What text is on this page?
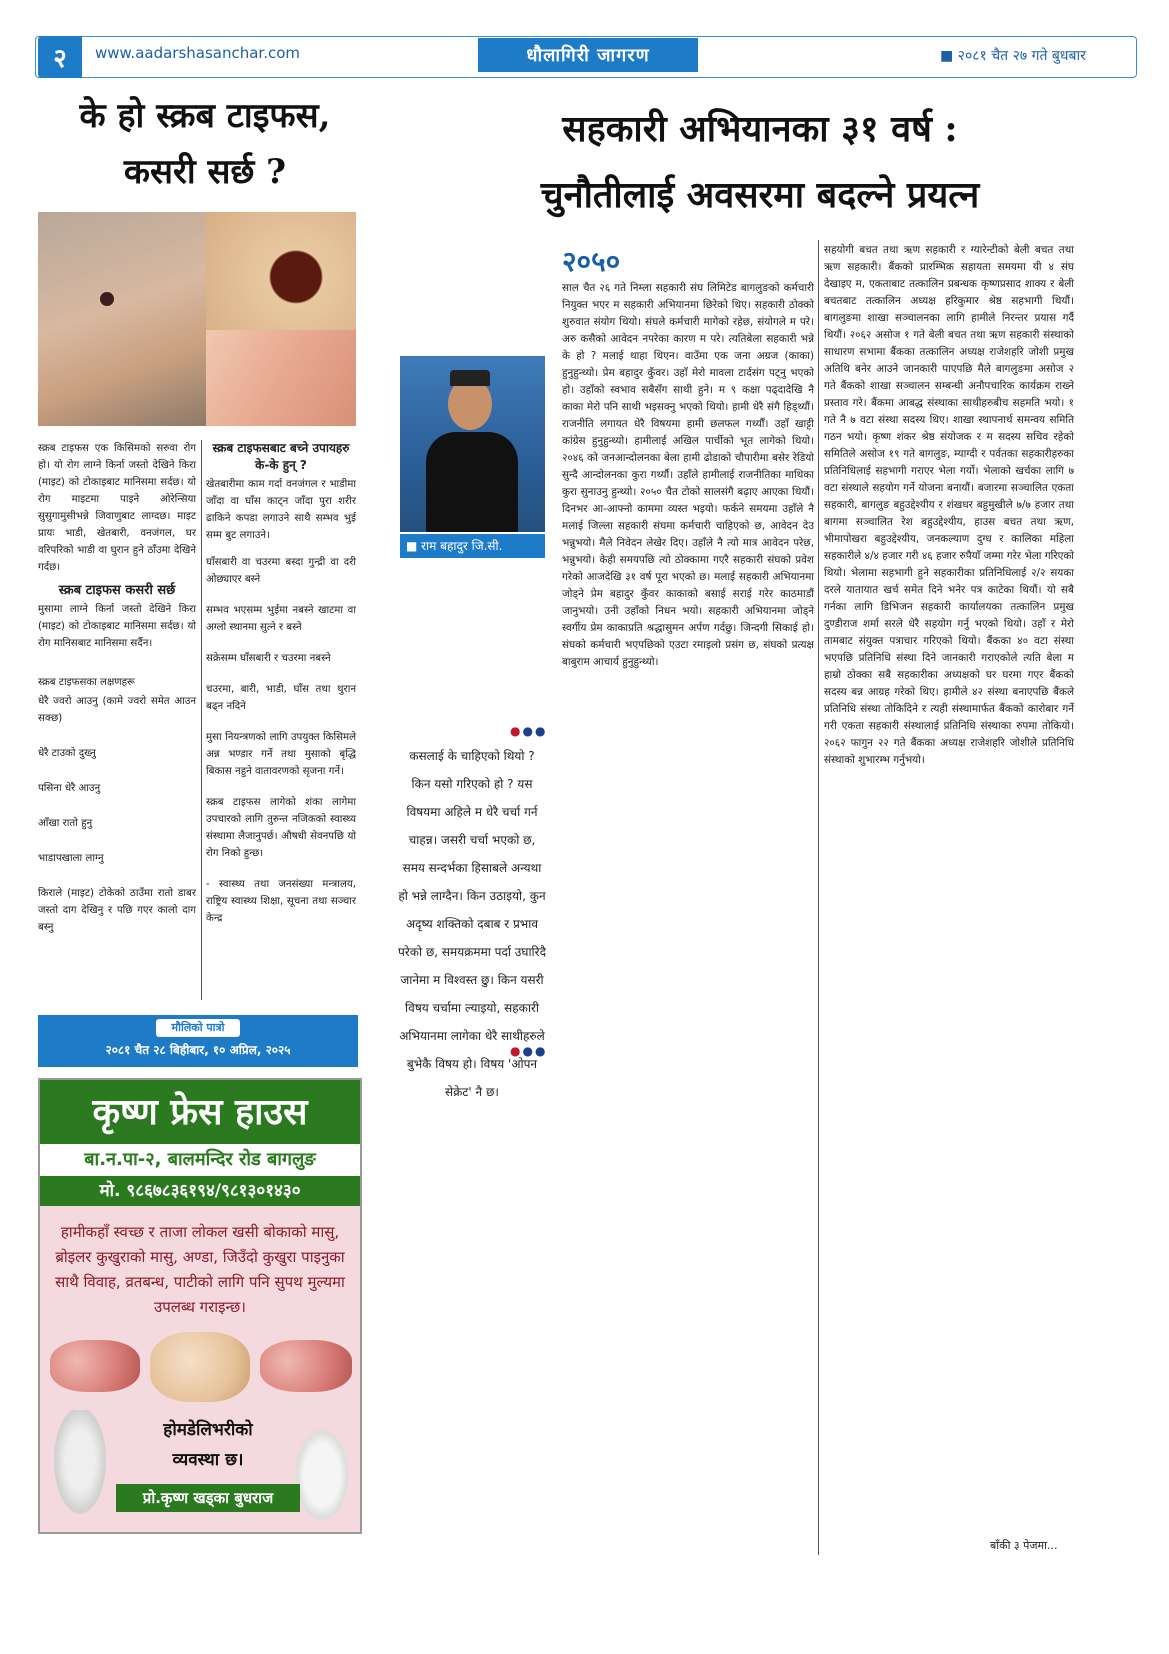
२	www.aadarshasanchar.com	धौलागिरी जागरण	■ २०८१ चैत २७ गते बुधबार
के हो स्क्रब टाइफस,
कसरी सर्छ ?

स्क्रब टाइफस एक किसिमको सरुवा रोग हो। यो रोग लाग्ने किर्ना जस्तो देखिने किरा (माइट) को टोकाइबाट मानिसमा सर्दछ। यो रोग माइटमा पाइने ओरेन्सिया सुसुगामुसीभन्ने जिवाणुबाट लाग्दछ। माइट प्रायः भाडी, खेतबारी, वनजंगल, घर वरिपरिको भाडी वा घुरान हुने ठाँउमा देखिने गर्दछ।

स्क्रब टाइफस कसरी सर्छ

मुसामा लाग्ने किर्ना जस्तो देखिने किरा (माइट) को टोकाइबाट मानिसमा सर्दछ। यो रोग मानिसबाट मानिसमा सर्दैन।

स्क्रब टाइफसका लक्षणहरू

धेरै ज्वरो आउनु (कामे ज्वरो समेत आउन सक्छ)

धेरै टाउको दुख्नु

पसिना धेरै आउनु

आँखा रातो हुनु

भाडापखाला लाग्नु

किराले (माइट) टोकेको ठाउँमा रातो डाबर जस्तो दाग देखिनु र पछि गएर कालो दाग बस्नु

स्क्रब टाइफसबाट बच्ने उपायहरु के-के हुन् ?

खेतबारीमा काम गर्दा वनजंगल र भाडीमा जाँदा वा घाँस काट्न जाँदा पुरा शरीर ढाकिने कपडा लगाउने साथै सम्भव भुई सम्म बुट लगाउने।

घाँसबारी वा चउरमा बस्दा गुन्द्री वा दरी ओछ्याएर बस्ने

सम्भव भएसम्म भुईमा नबस्ने खाटमा वा अग्लो स्थानमा सुत्ने र बस्ने

सक्रेसम्म घाँसबारी र चउरमा नबस्ने

चउरमा, बारी, भाडी, घाँस तथा थुरान बढ्न नदिने

मुसा नियन्त्रणको लागि उपयुक्त किसिमले अन्न भण्डार गर्ने तथा मुसाको बृद्धि बिकास नहुने वातावरणको सृजना गर्ने।

स्क्रब टाइफस लागेको शंका लागेमा उपचारको लागि तुरुन्त नजिकको स्वास्थ्य संस्थामा लैजानुपर्छ। औषधी सेवनपछि यो रोग निको हुन्छ।

- स्वास्थ्य तथा जनसंख्या मन्त्रालय, राष्ट्रिय स्वास्थ्य शिक्षा, सूचना तथा सञ्चार केन्द्र

मौलिको पात्रो
२०८१ चैत २८ बिहीबार, १० अप्रिल, २०२५
कृष्ण फ्रेस हाउस
बा.न.पा-२, बालमन्दिर रोड बागलुङ
मो. ९८६७८३६१९४/९८१३०१४३०
हामीकहाँ स्वच्छ र ताजा लोकल खसी बोकाको मासु, ब्रोइलर कुखुराको मासु, अण्डा, जिउँदो कुखुरा पाइनुका साथै विवाह, व्रतबन्ध, पाटीको लागि पनि सुपथ मुल्यमा उपलब्ध गराइन्छ।
होमडेलिभरीको
व्यवस्था छ।
प्रो.कृष्ण खड्का बुधराज
सहकारी अभियानका ३१ वर्ष :
चुनौतीलाई अवसरमा बदल्ने प्रयत्न
■ राम बहादुर जि.सी.
●●●
कसलाई के चाहिएको थियो ? किन यसो गरिएको हो ? यस विषयमा अहिले म धेरै चर्चा गर्न चाहन्न। जसरी चर्चा भएको छ, समय सन्दर्भका हिसाबले अन्यथा हो भन्ने लाग्दैन। किन उठाइयो, कुन अदृष्य शक्तिको दबाब र प्रभाव परेको छ, समयक्रममा पर्दा उघारिदै जानेमा म विश्वस्त छु। किन यसरी विषय चर्चामा ल्याइयो, सहकारी अभियानमा लागेका धेरै साथीहरुले बुभेकै विषय हो। विषय 'ओपन सेक्रेट' नै छ।
●●●
२०५०

साल चैत २६ गते निम्ला सहकारी संघ लिमिटेड बागलुङको कर्मचारी नियुक्त भएर म सहकारी अभियानमा छिरेको थिए। सहकारी ठोक्को शुरुवात संयोग थियो। संघले कर्मचारी मागेको रहेछ, संयोगले म परे। अरु कसैको आवेदन नपरेका कारण म परे। त्यतिबेला सहकारी भन्ने के हो ? मलाई थाहा थिएन। वाउँमा एक जना अग्रज (काका) हुनुहुन्थ्यो। प्रेम बहादुर कुँवर। उहाँ मेरो मावला टार्दसंग पट्नु भएको हो। उहाँको स्वभाव सबैसँग साथी हुने। म ९ कक्षा पढ्दादेखि नै काका मेरो पनि साथी भइसक्नु भएको थियो। हामी धेरै संगै हिड्थ्यौं। राजनीति लगायत धेरै विषयमा हामी छलफल गर्थ्यौं। उहाँ खाट्टी कांग्रेस हुनुहुन्थ्यो। हामीलाई अखिल पार्चीको भूत लागेको थियो। २०४६ को जनआन्दोलनका बेला हामी ढोडाको चौपारीमा बसेर रेडियो सुन्दै आन्दोलनका कुरा गर्थ्यौ। उहाँले हामीलाई राजनीतिका माथिका कुरा सुनाउनु हुन्थ्यो। २०५० चैत टोको सालसंगै बढ़ाए आएका थियौं। दिनभर आ-आफ्नो काममा व्यस्त भइयो। फर्कने समयमा उहाँले नै मलाई जिल्ला सहकारी संघमा कर्मचारी चाहिएको छ, आवेदन देउ भन्नुभयो। मैले निवेदन लेखेर दिए। उहाँले नै त्यो मात्र आवेदन परेछ, भन्नुभयो। केही समयपछि त्यो ठोक्कामा गएरै सहकारी संघको प्रवेश गरेको आजदेखि ३१ वर्ष पूरा भएको छ। मलाई सहकारी अभियानमा जोड्ने प्रेम बहादुर कुँवर काकाको बसाई सराई गरेर काठमाडौं जानुभयो। उनी उहाँको निधन भयो। सहकारी अभियानमा जोड्ने स्वर्गीय प्रेम काकाप्रति श्रद्धासुमन अर्पण गर्दछु। जिन्दगी सिकाई हो। संघको कर्मचारी भएपछिको एउटा रमाइलो प्रसंग छ, संघको प्रत्यक्ष बाबुराम आचार्य हुनुहुन्थ्यो।

सहयोगी बचत तथा ऋण सहकारी र ग्यारेन्टीको बेली बचत तथा ऋण सहकारी। बैंकको प्रारम्भिक सहायता समयमा यी ४ संघ देखाइए म, एकताबाट तत्कालिन प्रबन्धक कृष्णप्रसाद शाक्य र बेली बचतबाट तत्कालिन अध्यक्ष हरिकुमार श्रेष्ठ सहभागी थियौं। बागलुङमा शाखा सञ्चालनका लागि हामीले निरन्तर प्रयास गर्दै थियौं। २०६२ असोज १ गते बेली बचत तथा ऋण सहकारी संस्थाको साधारण सभामा बैंकका तत्कालिन अध्यक्ष राजेशहरि जोशी प्रमुख अतिथि बनेर आउने जानकारी पाएपछि मैले बागलुङमा असोज २ गते बैंकको शाखा सञ्चालन सम्बन्धी अनौपचारिक कार्यक्रम राख्ने प्रस्ताव गरे। बैंकमा आबद्ध संस्थाका साथीहरुबीच सहमति भयो। १ गते नै ७ वटा संस्था सदस्य थिए। शाखा स्थापनार्थ समन्वय समिति गठन भयो। कृष्ण शंकर श्रेष्ठ संयोजक र म सदस्य सचिव रहेको समितिले असोज १९ गते बागलुङ, म्याग्दी र पर्वतका सहकारीहरुका प्रतिनिधिलाई सहभागी गराएर भेला गर्यो। भेलाको खर्चका लागि ७ वटा संस्थाले सहयोग गर्ने योजना बनायौं। बजारमा सञ्चालित एकता सहकारी, बागलुङ बहुउद्देश्यीय र शंखधर बहुमुखीले ७/७ हजार तथा बागमा सञ्चालित रेश बहुउद्देश्यीय, हाउस बचत तथा ऋण, भीमापोखरा बहुउद्देश्यीय, जनकल्याण दुग्ध र कालिका महिला सहकारीले ४/४ हजार गरी ४६ हजार रुपैयाँ जम्मा गरेर भेला गरिएको थियो। भेलामा सहभागी हुने सहकारीका प्रतिनिधिलाई २/२ सयका दरले यातायात खर्च समेत दिने भनेर पत्र काटेका थियौं। यो सबै गर्नका लागि डिभिजन सहकारी कार्यालयका तत्कालिन प्रमुख दुण्डीराज शर्मा सरले धेरै सहयोग गर्नु भएको थियो। उहाँ र मेरो तामबाट संयुक्त पत्राचार गरिएको थियो। बैंकका ४० वटा संस्था भएपछि प्रतिनिधि संस्था दिने जानकारी गराएकोले त्यति बेला म हाम्रो ठोक्का सबै सहकारीका अध्यक्षको घर घरमा गएर बैंकको सदस्य बन्न आग्रह गरेको थिए। हामीले ४२ संस्था बनाएपछि बैंकले प्रतिनिधि संस्था तोकिदिने र त्यही संस्थामार्फत बैंकको कारोबार गर्ने गरी एकता सहकारी संस्थालाई प्रतिनिधि संस्थाका रुपमा तोकियो। २०६२ फागुन २२ गते बैंकका अध्यक्ष राजेशहरि जोशीले प्रतिनिधि संस्थाको शुभारम्भ गर्नुभयो।

बाँकी ३ पेजमा...
